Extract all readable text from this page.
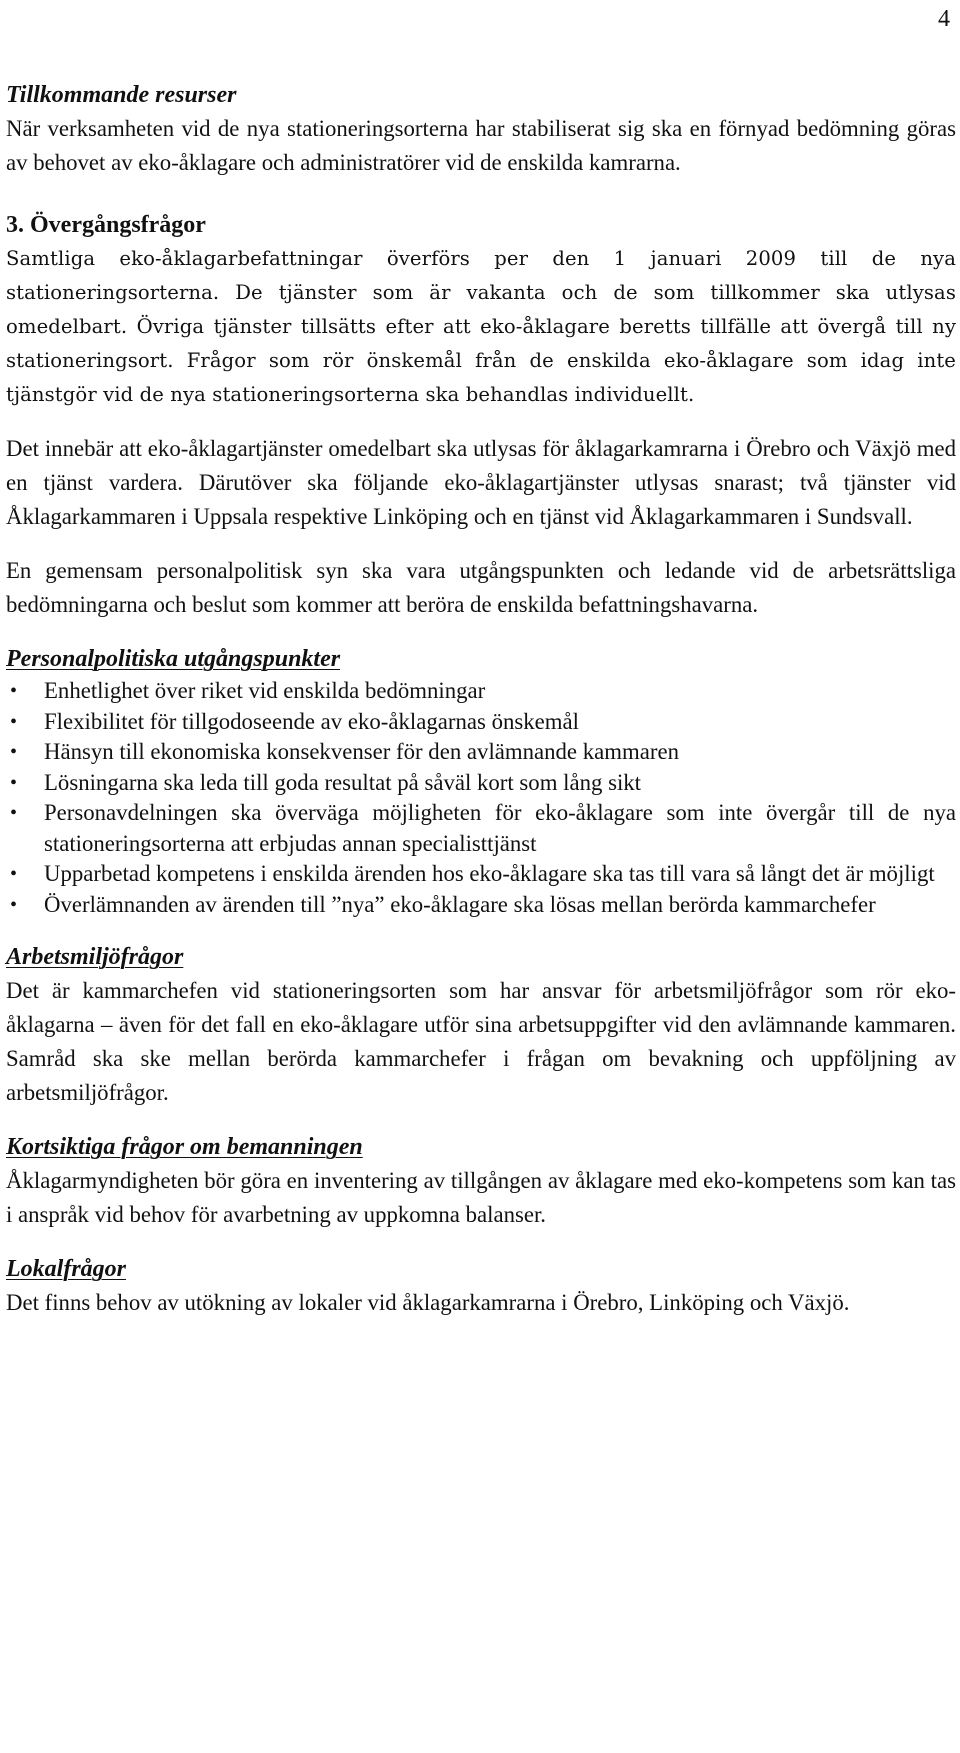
4
Tillkommande resurser

När verksamheten vid de nya stationeringsorterna har stabiliserat sig ska en förnyad bedömning göras av behovet av eko-åklagare och administratörer vid de enskilda kamrarna.

3. Övergångsfrågor

Samtliga eko-åklagarbefattningar överförs per den 1 januari 2009 till de nya stationeringsorterna. De tjänster som är vakanta och de som tillkommer ska utlysas omedelbart. Övriga tjänster tillsätts efter att eko-åklagare beretts tillfälle att övergå till ny stationeringsort. Frågor som rör önskemål från de enskilda eko-åklagare som idag inte tjänstgör vid de nya stationeringsorterna ska behandlas individuellt.

Det innebär att eko-åklagartjänster omedelbart ska utlysas för åklagarkamrarna i Örebro och Växjö med en tjänst vardera. Därutöver ska följande eko-åklagartjänster utlysas snarast; två tjänster vid Åklagarkammaren i Uppsala respektive Linköping och en tjänst vid Åklagarkammaren i Sundsvall.

En gemensam personalpolitisk syn ska vara utgångspunkten och ledande vid de arbetsrättsliga bedömningarna och beslut som kommer att beröra de enskilda befattningshavarna.

Personalpolitiska utgångspunkter
• Enhetlighet över riket vid enskilda bedömningar
• Flexibilitet för tillgodoseende av eko-åklagarnas önskemål
• Hänsyn till ekonomiska konsekvenser för den avlämnande kammaren
• Lösningarna ska leda till goda resultat på såväl kort som lång sikt
• Personavdelningen ska överväga möjligheten för eko-åklagare som inte övergår till de nya stationeringsorterna att erbjudas annan specialisttjänst
• Upparbetad kompetens i enskilda ärenden hos eko-åklagare ska tas till vara så långt det är möjligt
• Överlämnanden av ärenden till ”nya” eko-åklagare ska lösas mellan berörda kammarchefer
Arbetsmiljöfrågor

Det är kammarchefen vid stationeringsorten som har ansvar för arbetsmiljöfrågor som rör eko-åklagarna – även för det fall en eko-åklagare utför sina arbetsuppgifter vid den avlämnande kammaren. Samråd ska ske mellan berörda kammarchefer i frågan om bevakning och uppföljning av arbetsmiljöfrågor.

Kortsiktiga frågor om bemanningen

Åklagarmyndigheten bör göra en inventering av tillgången av åklagare med eko-kompetens som kan tas i anspråk vid behov för avarbetning av uppkomna balanser.

Lokalfrågor

Det finns behov av utökning av lokaler vid åklagarkamrarna i Örebro, Linköping och Växjö.
